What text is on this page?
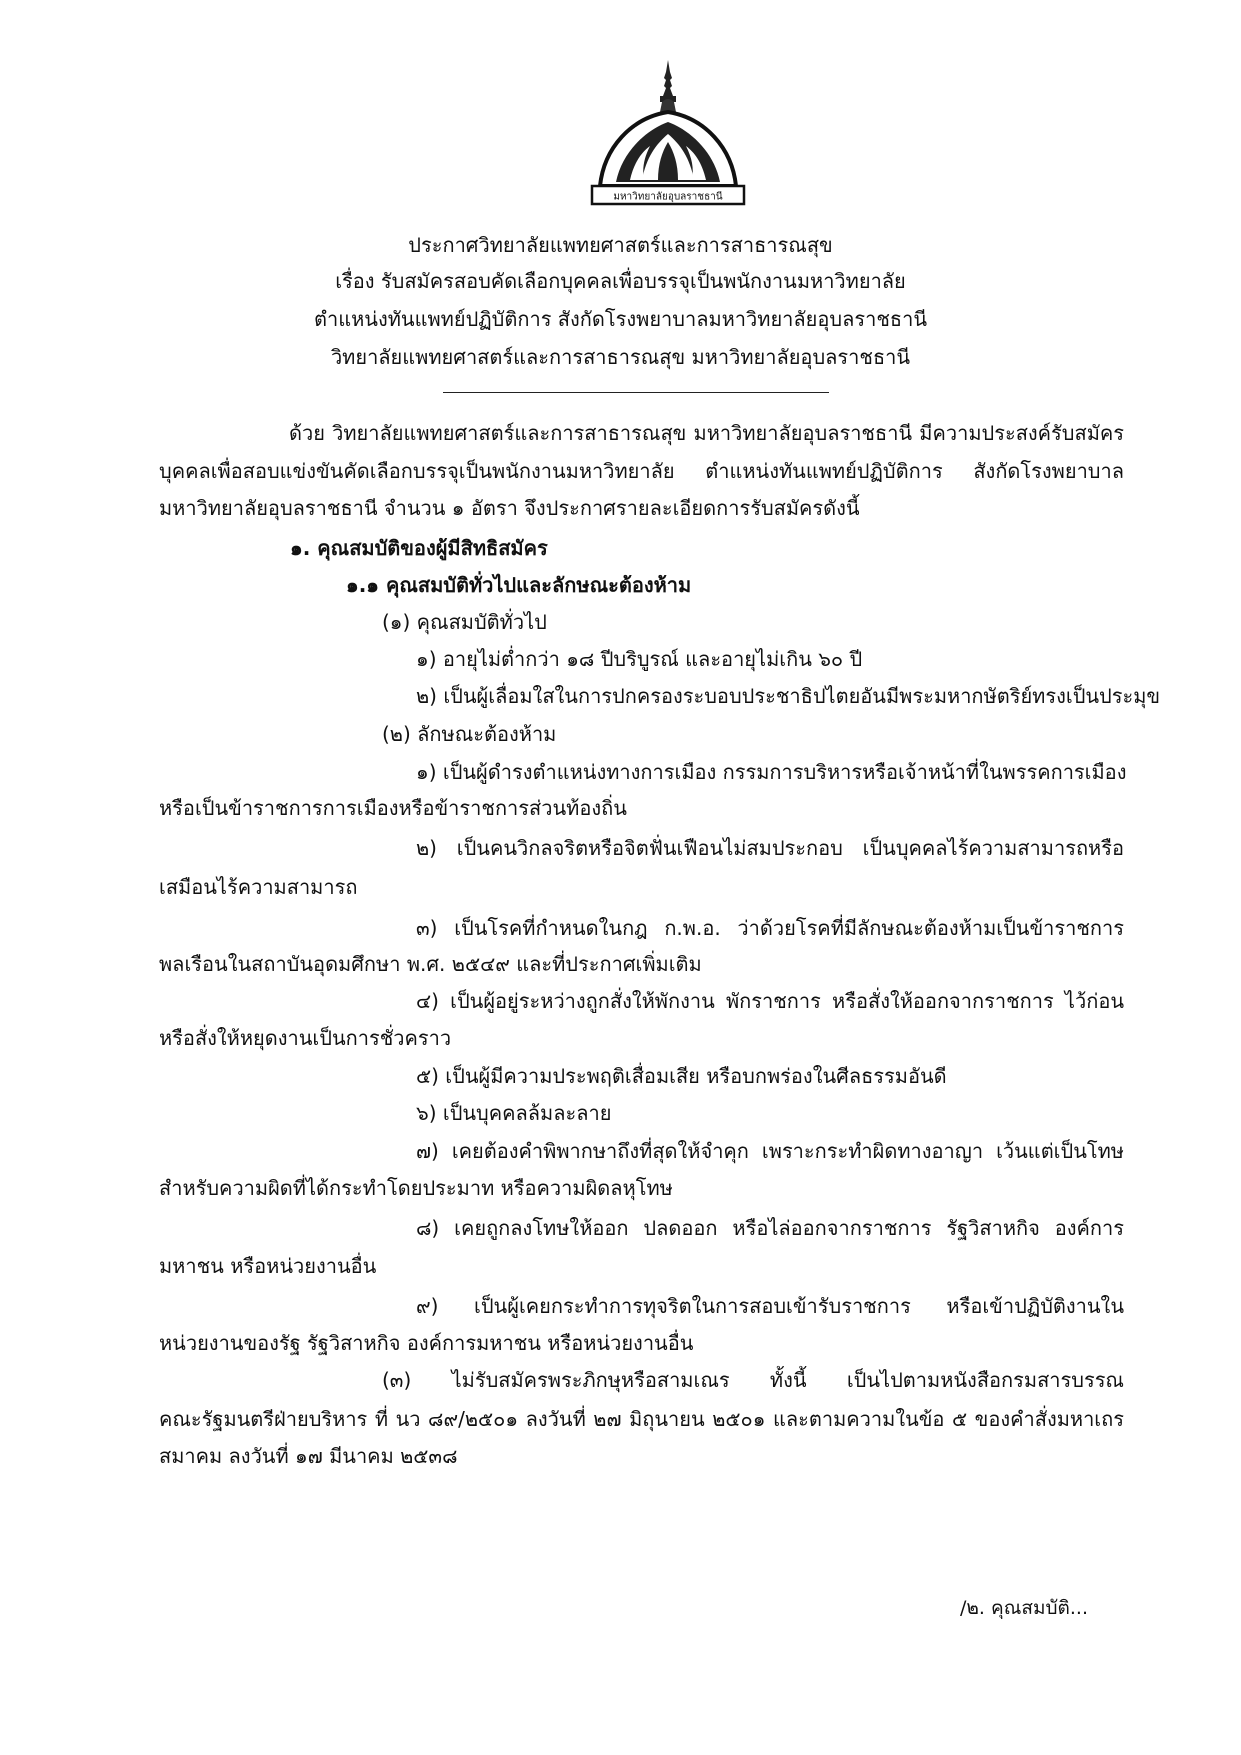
มหาวิทยาลัยอุบลราชธานี
ประกาศวิทยาลัยแพทยศาสตร์และการสาธารณสุข
เรื่อง รับสมัครสอบคัดเลือกบุคคลเพื่อบรรจุเป็นพนักงานมหาวิทยาลัย
ตำแหน่งทันแพทย์ปฏิบัติการ สังกัดโรงพยาบาลมหาวิทยาลัยอุบลราชธานี
วิทยาลัยแพทยศาสตร์และการสาธารณสุข มหาวิทยาลัยอุบลราชธานี
ด้วย วิทยาลัยแพทยศาสตร์และการสาธารณสุข มหาวิทยาลัยอุบลราชธานี มีความประสงค์รับสมัคร
บุคคลเพื่อสอบแข่งขันคัดเลือกบรรจุเป็นพนักงานมหาวิทยาลัย ตำแหน่งทันแพทย์ปฏิบัติการ สังกัดโรงพยาบาล
มหาวิทยาลัยอุบลราชธานี จำนวน ๑ อัตรา จึงประกาศรายละเอียดการรับสมัครดังนี้
๑. คุณสมบัติของผู้มีสิทธิสมัคร
๑.๑ คุณสมบัติทั่วไปและลักษณะต้องห้าม
(๑) คุณสมบัติทั่วไป
๑) อายุไม่ต่ำกว่า ๑๘ ปีบริบูรณ์ และอายุไม่เกิน ๖๐ ปี
๒) เป็นผู้เลื่อมใสในการปกครองระบอบประชาธิปไตยอันมีพระมหากษัตริย์ทรงเป็นประมุข
(๒) ลักษณะต้องห้าม
๑) เป็นผู้ดำรงตำแหน่งทางการเมือง กรรมการบริหารหรือเจ้าหน้าที่ในพรรคการเมือง
หรือเป็นข้าราชการการเมืองหรือข้าราชการส่วนท้องถิ่น
๒) เป็นคนวิกลจริตหรือจิตฟั่นเฟือนไม่สมประกอบ เป็นบุคคลไร้ความสามารถหรือ
เสมือนไร้ความสามารถ
๓) เป็นโรคที่กำหนดในกฎ ก.พ.อ. ว่าด้วยโรคที่มีลักษณะต้องห้ามเป็นข้าราชการ
พลเรือนในสถาบันอุดมศึกษา พ.ศ. ๒๕๔๙ และที่ประกาศเพิ่มเติม
๔) เป็นผู้อยู่ระหว่างถูกสั่งให้พักงาน พักราชการ หรือสั่งให้ออกจากราชการ ไว้ก่อน
หรือสั่งให้หยุดงานเป็นการชั่วคราว
๕) เป็นผู้มีความประพฤติเสื่อมเสีย หรือบกพร่องในศีลธรรมอันดี
๖) เป็นบุคคลล้มละลาย
๗) เคยต้องคำพิพากษาถึงที่สุดให้จำคุก เพราะกระทำผิดทางอาญา เว้นแต่เป็นโทษ
สำหรับความผิดที่ได้กระทำโดยประมาท หรือความผิดลหุโทษ
๘) เคยถูกลงโทษให้ออก ปลดออก หรือไล่ออกจากราชการ รัฐวิสาหกิจ องค์การ
มหาชน หรือหน่วยงานอื่น
๙) เป็นผู้เคยกระทำการทุจริตในการสอบเข้ารับราชการ หรือเข้าปฏิบัติงานใน
หน่วยงานของรัฐ รัฐวิสาหกิจ องค์การมหาชน หรือหน่วยงานอื่น
(๓) ไม่รับสมัครพระภิกษุหรือสามเณร ทั้งนี้ เป็นไปตามหนังสือกรมสารบรรณ
คณะรัฐมนตรีฝ่ายบริหาร ที่ นว ๘๙/๒๕๐๑ ลงวันที่ ๒๗ มิถุนายน ๒๕๐๑ และตามความในข้อ ๕ ของคำสั่งมหาเถร
สมาคม ลงวันที่ ๑๗ มีนาคม ๒๕๓๘
/๒. คุณสมบัติ...
